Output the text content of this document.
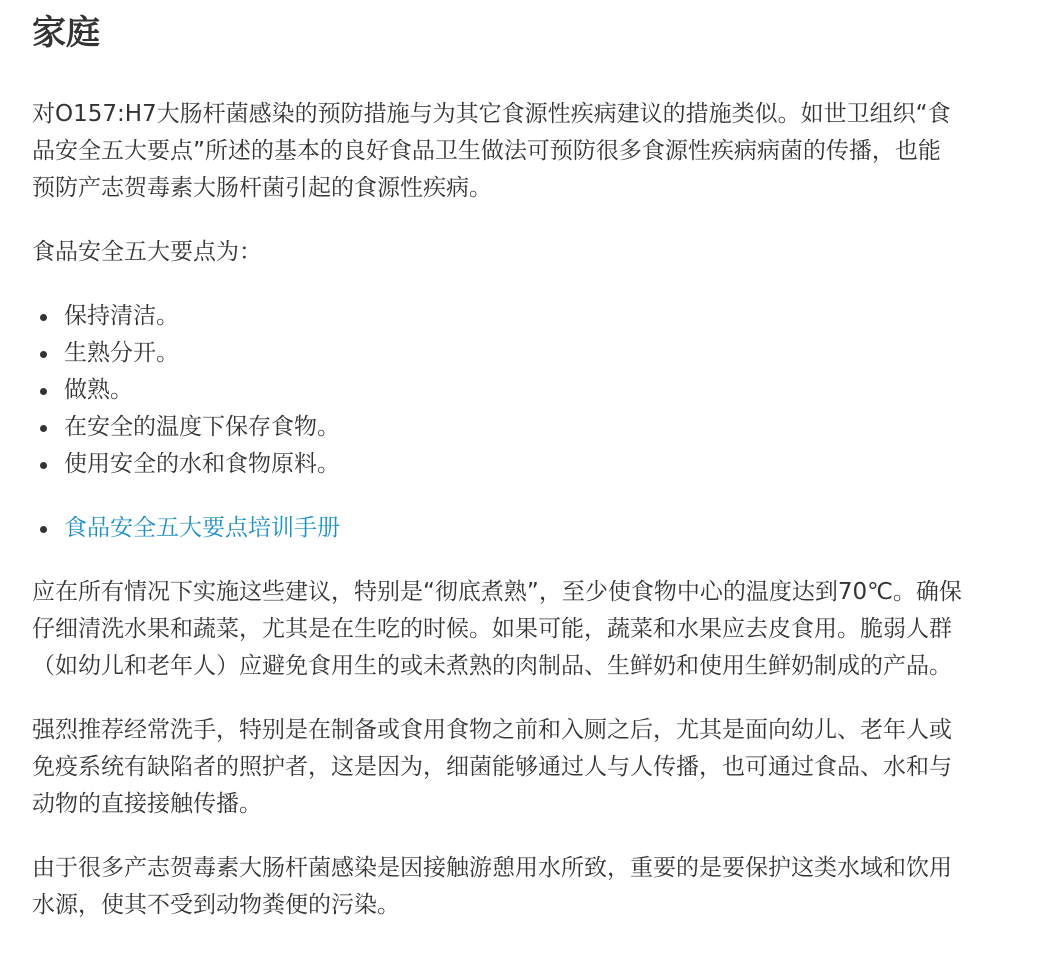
家庭

对O157:H7大肠杆菌感染的预防措施与为其它食源性疾病建议的措施类似。如世卫组织“食品安全五大要点”所述的基本的良好食品卫生做法可预防很多食源性疾病病菌的传播，也能预防产志贺毒素大肠杆菌引起的食源性疾病。

食品安全五大要点为：

保持清洁。
生熟分开。
做熟。
在安全的温度下保存食物。
使用安全的水和食物原料。
食品安全五大要点培训手册

应在所有情况下实施这些建议，特别是“彻底煮熟”，至少使食物中心的温度达到70℃。确保仔细清洗水果和蔬菜，尤其是在生吃的时候。如果可能，蔬菜和水果应去皮食用。脆弱人群（如幼儿和老年人）应避免食用生的或未煮熟的肉制品、生鲜奶和使用生鲜奶制成的产品。

强烈推荐经常洗手，特别是在制备或食用食物之前和入厕之后，尤其是面向幼儿、老年人或免疫系统有缺陷者的照护者，这是因为，细菌能够通过人与人传播，也可通过食品、水和与动物的直接接触传播。

由于很多产志贺毒素大肠杆菌感染是因接触游憩用水所致，重要的是要保护这类水域和饮用水源，使其不受到动物粪便的污染。
